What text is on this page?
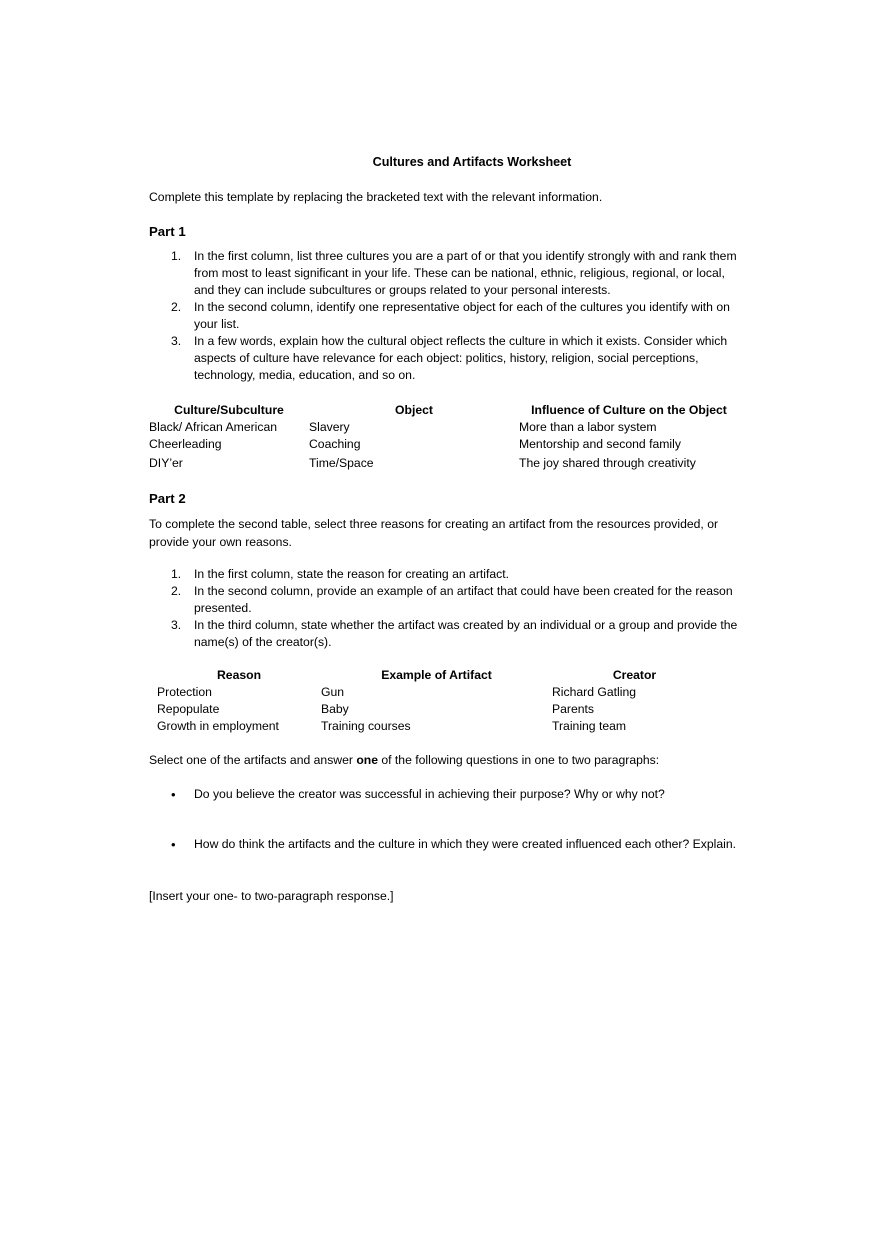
Cultures and Artifacts Worksheet
Complete this template by replacing the bracketed text with the relevant information.
Part 1
1. In the first column, list three cultures you are a part of or that you identify strongly with and rank them from most to least significant in your life. These can be national, ethnic, religious, regional, or local, and they can include subcultures or groups related to your personal interests.
2. In the second column, identify one representative object for each of the cultures you identify with on your list.
3. In a few words, explain how the cultural object reflects the culture in which it exists. Consider which aspects of culture have relevance for each object: politics, history, religion, social perceptions, technology, media, education, and so on.
Culture/Subculture	Object	Influence of Culture on the Object
Black/ African American	Slavery	More than a labor system
Cheerleading	Coaching	Mentorship and second family
DIY’er	Time/Space	The joy shared through creativity
Part 2
To complete the second table, select three reasons for creating an artifact from the resources provided, or provide your own reasons.
1. In the first column, state the reason for creating an artifact.
2. In the second column, provide an example of an artifact that could have been created for the reason presented.
3. In the third column, state whether the artifact was created by an individual or a group and provide the name(s) of the creator(s).
Reason	Example of Artifact	Creator
Protection	Gun	Richard Gatling
Repopulate	Baby	Parents
Growth in employment	Training courses	Training team
Select one of the artifacts and answer one of the following questions in one to two paragraphs:
• Do you believe the creator was successful in achieving their purpose? Why or why not?
• How do think the artifacts and the culture in which they were created influenced each other? Explain.
[Insert your one- to two-paragraph response.]
